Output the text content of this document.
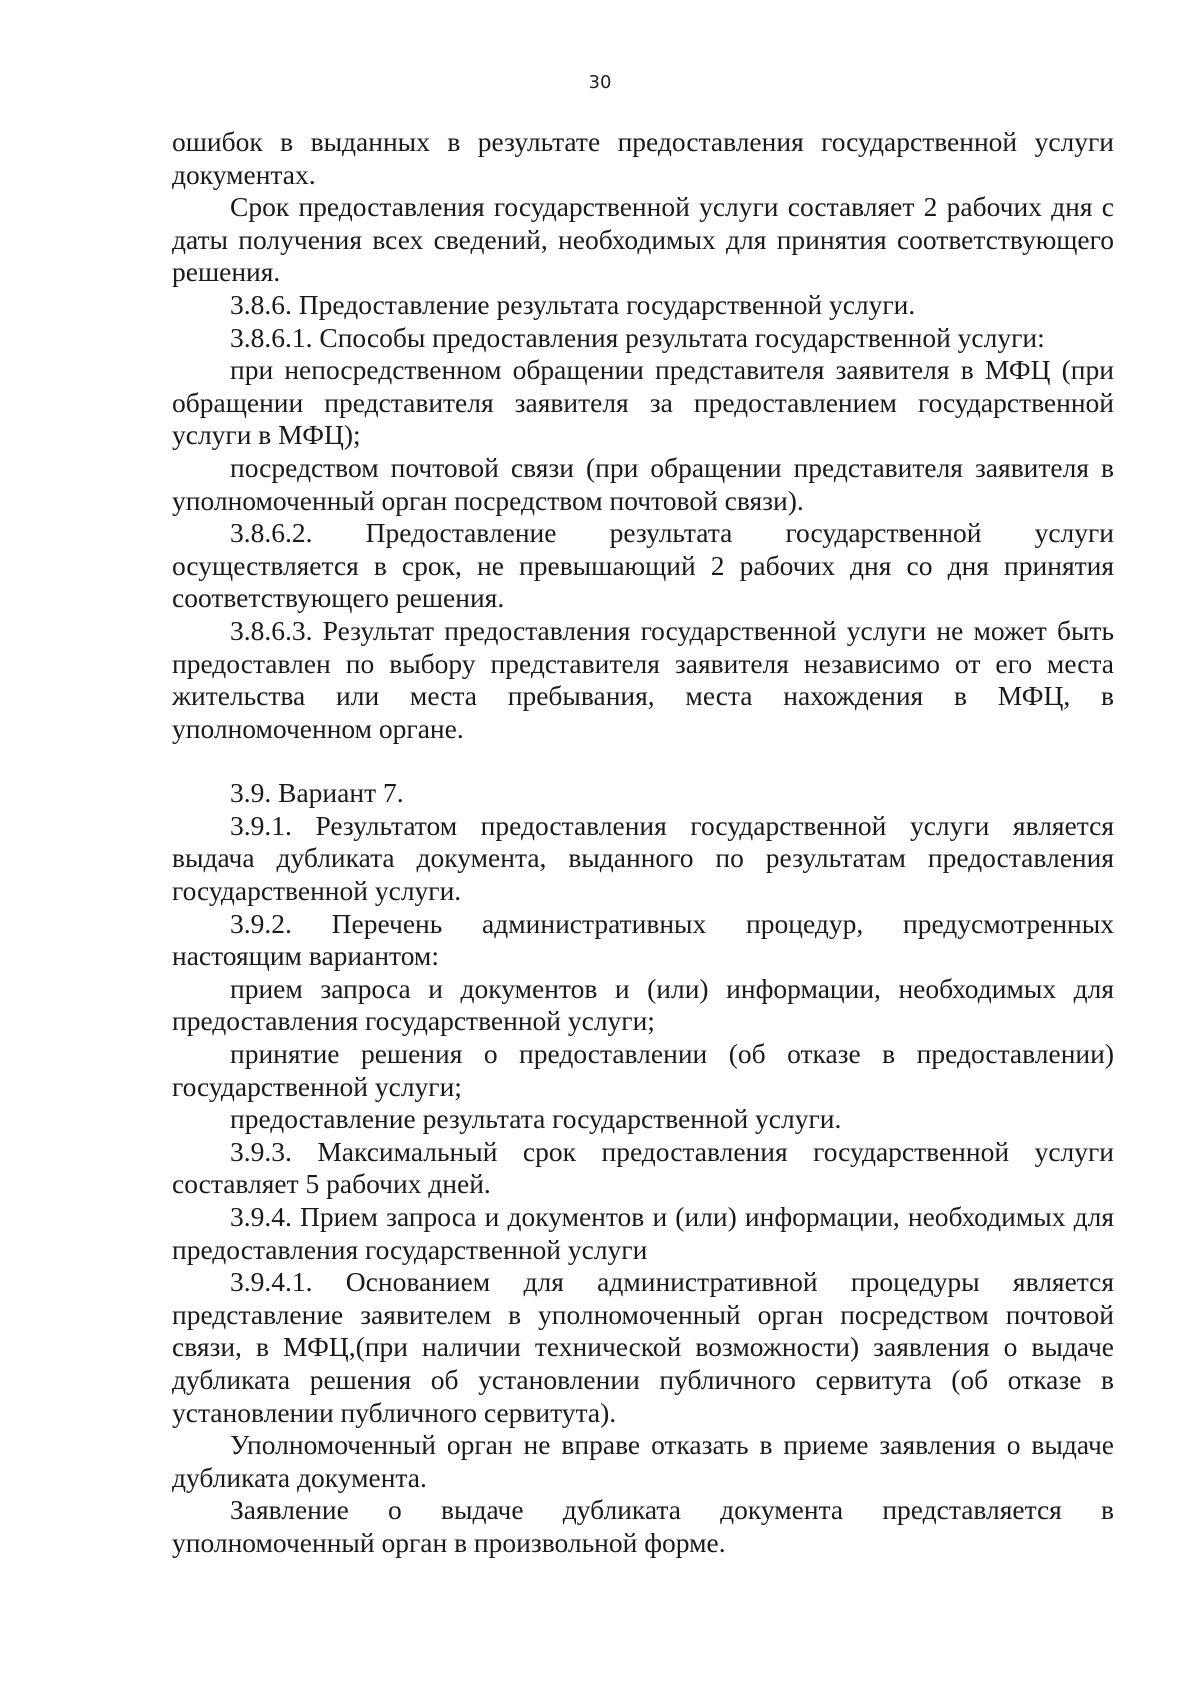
30

ошибок в выданных в результате предоставления государственной услуги документах.

Срок предоставления государственной услуги составляет 2 рабочих дня с даты получения всех сведений, необходимых для принятия соответствующего решения.

3.8.6. Предоставление результата государственной услуги.

3.8.6.1. Способы предоставления результата государственной услуги:

при непосредственном обращении представителя заявителя в МФЦ (при обращении представителя заявителя за предоставлением государственной услуги в МФЦ);

посредством почтовой связи (при обращении представителя заявителя в уполномоченный орган посредством почтовой связи).

3.8.6.2. Предоставление результата государственной услуги осуществляется в срок, не превышающий 2 рабочих дня со дня принятия соответствующего решения.

3.8.6.3. Результат предоставления государственной услуги не может быть предоставлен по выбору представителя заявителя независимо от его места жительства или места пребывания, места нахождения в МФЦ, в уполномоченном органе.

3.9. Вариант 7.

3.9.1. Результатом предоставления государственной услуги является выдача дубликата документа, выданного по результатам предоставления государственной услуги.

3.9.2. Перечень административных процедур, предусмотренных настоящим вариантом:

прием запроса и документов и (или) информации, необходимых для предоставления государственной услуги;

принятие решения о предоставлении (об отказе в предоставлении) государственной услуги;

предоставление результата государственной услуги.

3.9.3. Максимальный срок предоставления государственной услуги составляет 5 рабочих дней.

3.9.4. Прием запроса и документов и (или) информации, необходимых для предоставления государственной услуги

3.9.4.1. Основанием для административной процедуры является представление заявителем в уполномоченный орган посредством почтовой связи, в МФЦ,(при наличии технической возможности) заявления о выдаче дубликата решения об установлении публичного сервитута (об отказе в установлении публичного сервитута).

Уполномоченный орган не вправе отказать в приеме заявления о выдаче дубликата документа.

Заявление о выдаче дубликата документа представляется в уполномоченный орган в произвольной форме.
